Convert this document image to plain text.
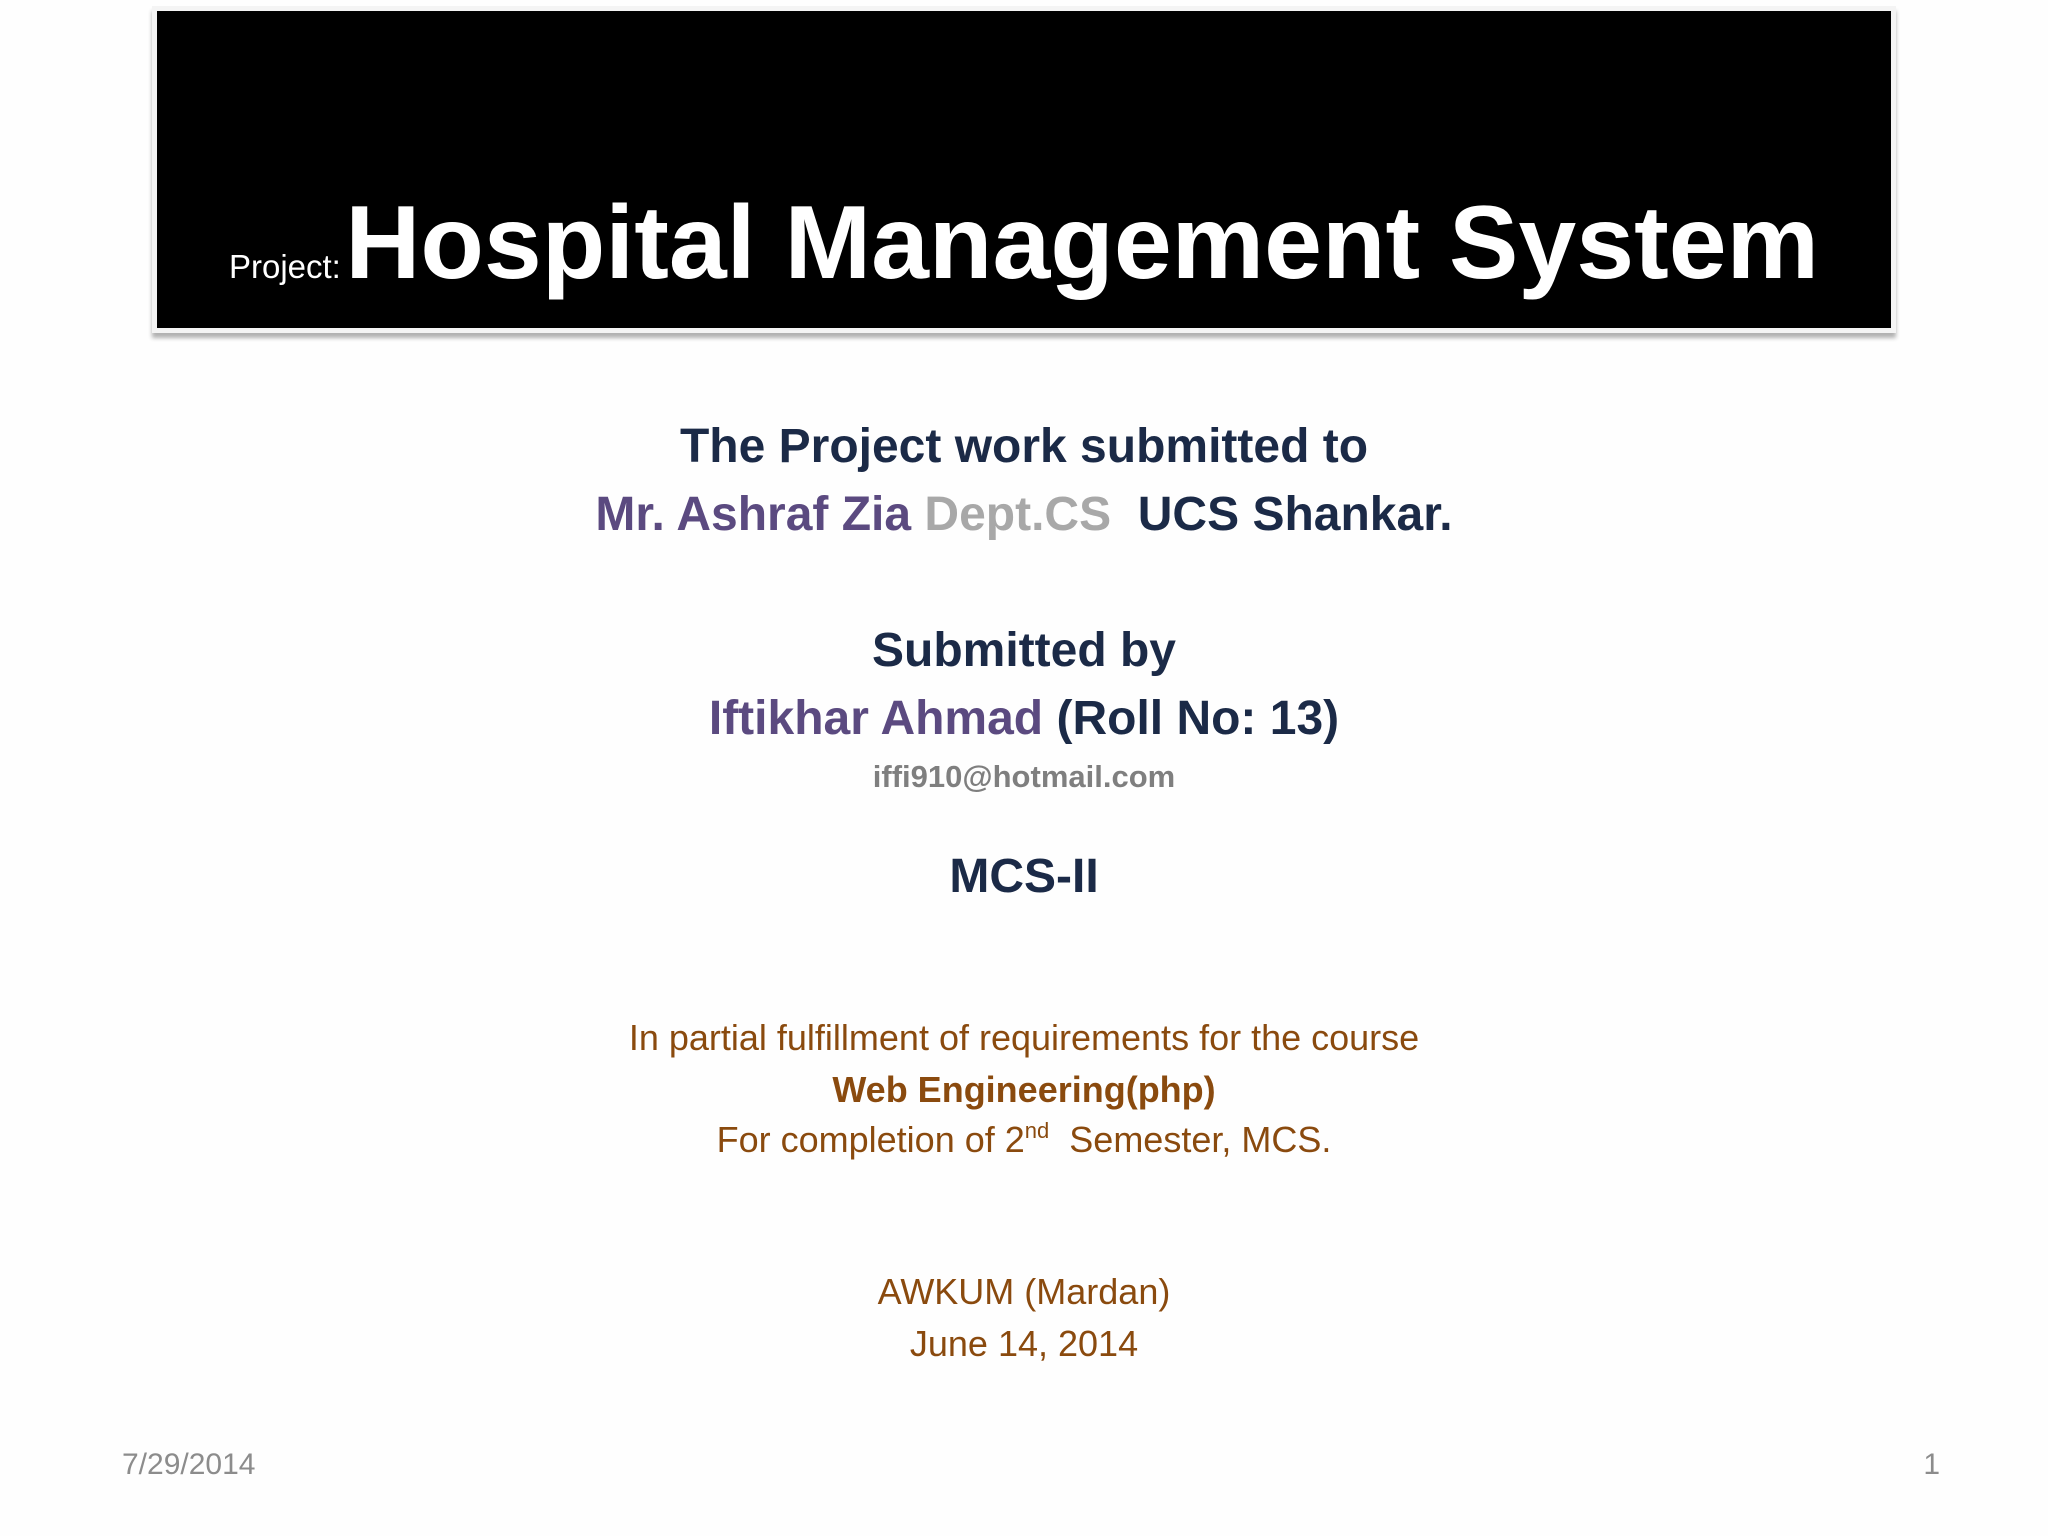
Project: Hospital Management System
The Project work submitted to
Mr. Ashraf Zia Dept.CS UCS Shankar.
Submitted by
Iftikhar Ahmad (Roll No: 13)
iffi910@hotmail.com
MCS-II
In partial fulfillment of requirements for the course
Web Engineering(php)
For completion of 2nd Semester, MCS.
AWKUM (Mardan)
June 14, 2014
7/29/2014	1
